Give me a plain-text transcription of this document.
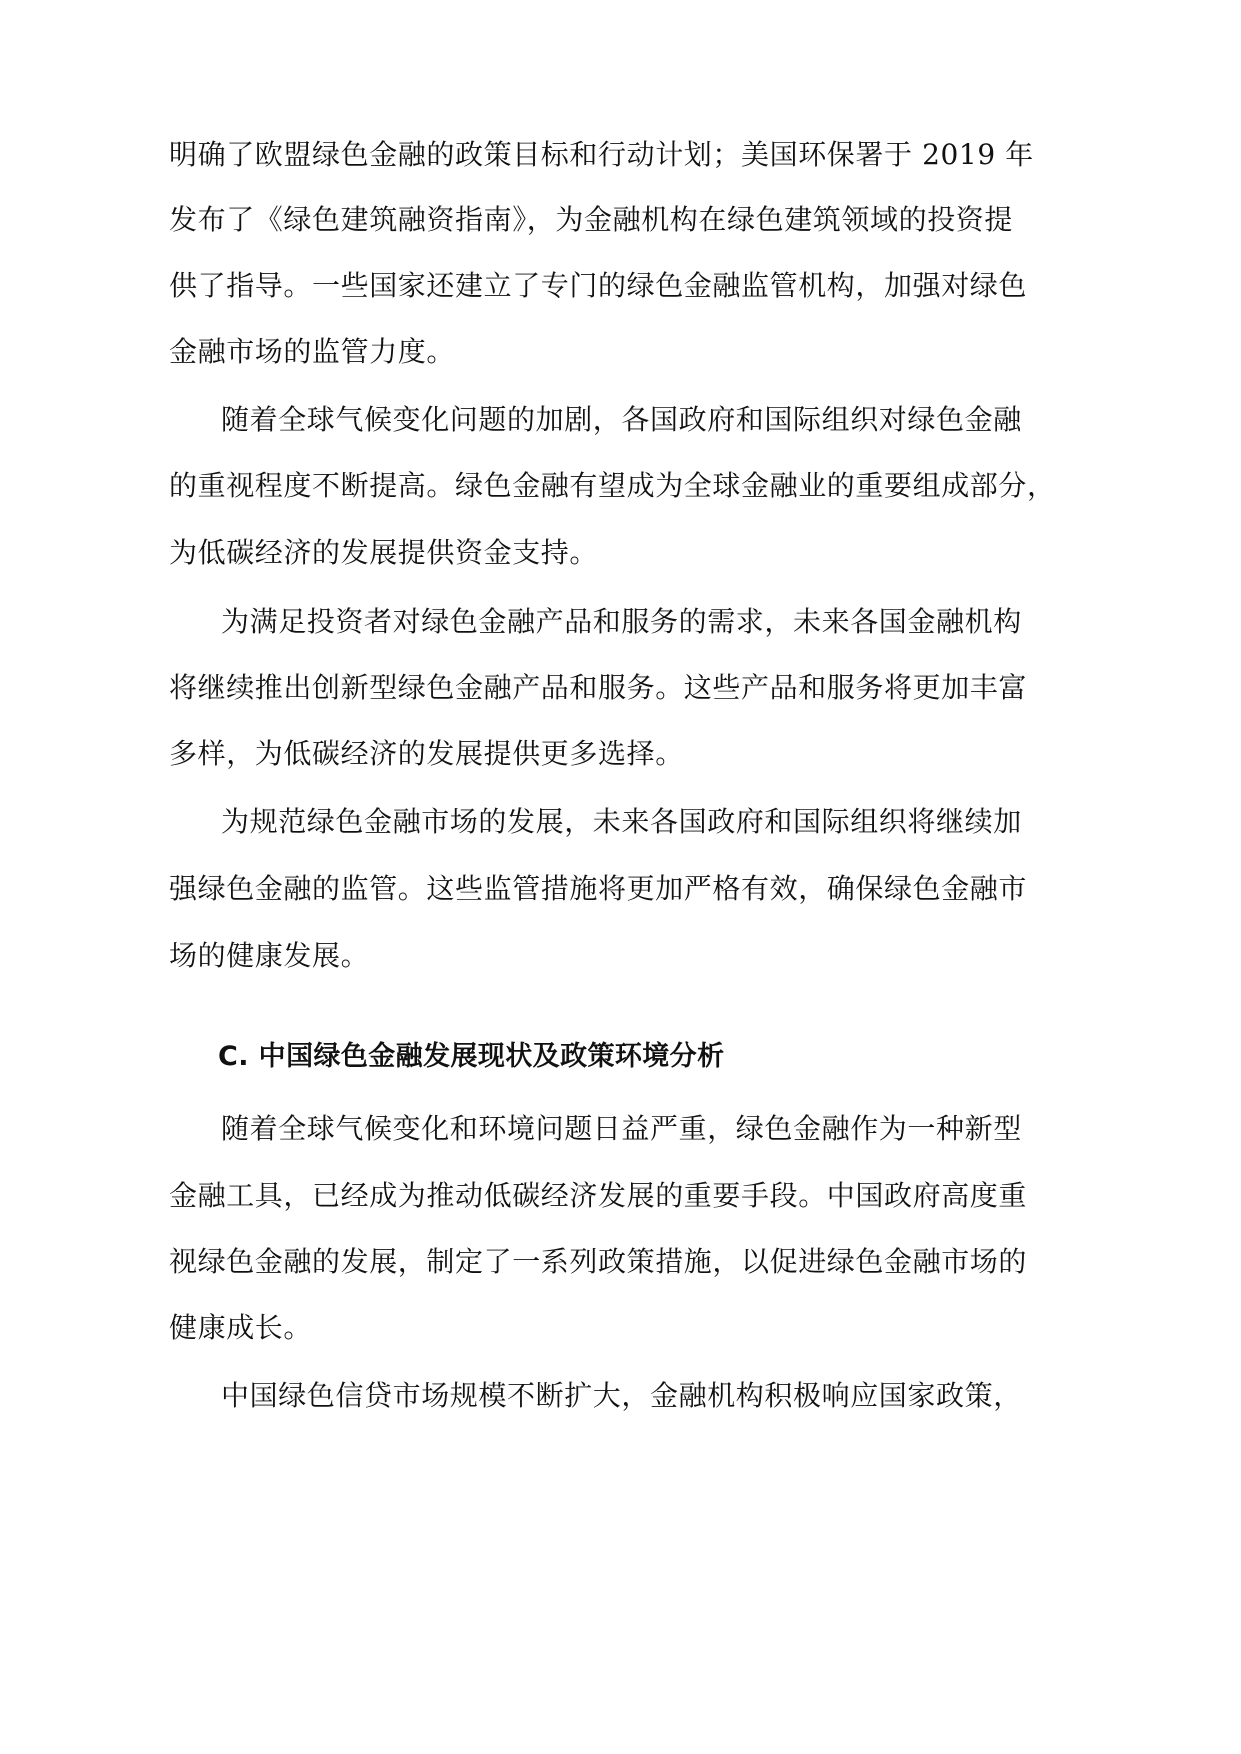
明确了欧盟绿色金融的政策目标和行动计划；美国环保署于 2019 年
发布了《绿色建筑融资指南》，为金融机构在绿色建筑领域的投资提
供了指导。一些国家还建立了专门的绿色金融监管机构，加强对绿色
金融市场的监管力度。
随着全球气候变化问题的加剧，各国政府和国际组织对绿色金融
的重视程度不断提高。绿色金融有望成为全球金融业的重要组成部分，
为低碳经济的发展提供资金支持。
为满足投资者对绿色金融产品和服务的需求，未来各国金融机构
将继续推出创新型绿色金融产品和服务。这些产品和服务将更加丰富
多样，为低碳经济的发展提供更多选择。
为规范绿色金融市场的发展，未来各国政府和国际组织将继续加
强绿色金融的监管。这些监管措施将更加严格有效，确保绿色金融市
场的健康发展。
C. 中国绿色金融发展现状及政策环境分析
随着全球气候变化和环境问题日益严重，绿色金融作为一种新型
金融工具，已经成为推动低碳经济发展的重要手段。中国政府高度重
视绿色金融的发展，制定了一系列政策措施，以促进绿色金融市场的
健康成长。
中国绿色信贷市场规模不断扩大，金融机构积极响应国家政策，
